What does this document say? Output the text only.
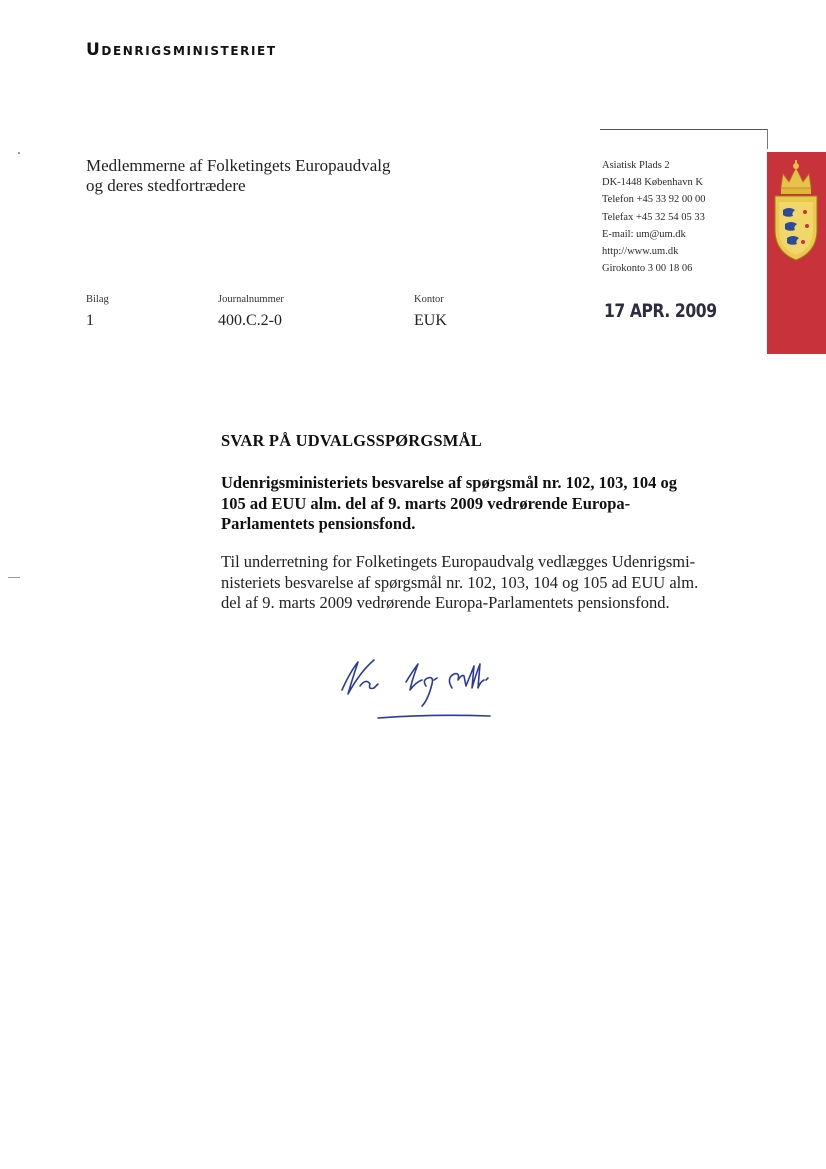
Udenrigsministeriet
Medlemmerne af Folketingets Europaudvalg
og deres stedfortrædere
Asiatisk Plads 2
DK-1448 København K
Telefon +45 33 92 00 00
Telefax +45 32 54 05 33
E-mail: um@um.dk
http://www.um.dk
Girokonto 3 00 18 06
Bilag
1
Journalnummer
400.C.2-0
Kontor
EUK	17 APR. 2009
SVAR PÅ UDVALGSSPØRGSMÅL
Udenrigsministeriets besvarelse af spørgsmål nr. 102, 103, 104 og
105 ad EUU alm. del af 9. marts 2009 vedrørende Europa-
Parlamentets pensionsfond.
Til underretning for Folketingets Europaudvalg vedlægges Udenrigsmi-
nisteriets besvarelse af spørgsmål nr. 102, 103, 104 og 105 ad EUU alm.
del af 9. marts 2009 vedrørende Europa-Parlamentets pensionsfond.
